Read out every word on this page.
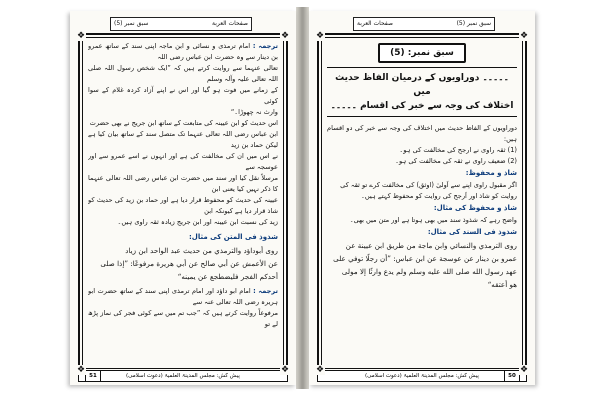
صفحات العربة
سبق نمبر (5)
❖	❖
❖	❖
ترجمہ : امام ترمذی و نسائی و ابن ماجہ اپنی سند کے ساتھ عمرو بن دینار سے وہ حضرت ابن عباس رضی اللہ
تعالی عنہما سے روایت کرتے ہیں کہ ”ایک شخص رسول اللہ صلی اللہ تعالی علیہ وآلہ وسلم
کے زمانے میں فوت ہو گیا اور اس نے اپنے آزاد کردہ غلام کے سوا کوئی
وارث نہ چھوڑا۔“
اس حدیث کو ابن عیینہ کی متابعت کے ساتھ ابن جریج نے بھی حضرت
ابن عباس رضی اللہ تعالی عنہما تک متصل سند کے ساتھ بیان کیا ہے لیکن حماد بن زید
نے اس میں ان کی مخالفت کی ہے اور انہوں نے اسے عمرو سے اور عوسجہ سے
مرسلاً نقل کیا اور سند میں حضرت ابن عباس رضی اللہ تعالی عنہما کا ذکر نہیں کیا یعنی ابن
عیینہ کی حدیث کو محفوظ قرار دیا ہے اور حماد بن زید کی حدیث کو شاذ قرار دیا ہے کیونکہ ابن
زید کی نسبت ابن عیینہ اور ابن جریج زیادہ ثقہ راوی ہیں۔
شذوذ فی المتن کی مثال:
روى أبوداؤد والترمذي من حديث عبد الواحد ابن زياد
عن الأعمش عن أبي صالح عن أبي هريرة مرفوعًا: ”إذا صلى
أحدكم الفجر فليضطجع عن يمينه“
ترجمہ : امام ابو داؤد اور امام ترمذی اپنی سند کے ساتھ حضرت ابو ہریرہ رضی اللہ تعالی عنہ سے
مرفوعاً روایت کرتے ہیں کہ ”جب تم میں سے کوئی فجر کی نماز پڑھ لے تو
پیش کش: مجلس المدینۃ العلمیۃ (دعوت اسلامی)
51
سبق نمبر (5)
صفحات العربة
❖	❖
❖	❖
سبق نمبر: (5)
۔۔۔۔۔ دوراویوں کے درمیان الفاظ حدیث میں
اختلاف کی وجہ سے خبر کی اقسام ۔۔۔۔۔
دوراویوں کے الفاظ حدیث میں اختلاف کی وجہ سے خبر کی دو اقسام ہیں:
(1) ثقہ راوی نے ارجح کی مخالفت کی ہو۔
(2) ضعیف راوی نے ثقہ کی مخالفت کی ہو۔
شاذ و محفوظ:
اگر مقبول راوی اپنے سے اَولیٰ (اوثق) کی مخالفت کرے تو ثقہ کی
روایت کو شاذ اور اَرجح کی روایت کو محفوظ کہتے ہیں۔
شاذ و محفوظ کی مثال:
واضح رہے کہ شذوذ سند میں بھی ہوتا ہے اور متن میں بھی۔
شذوذ فی السند کی مثال:
روى الترمذي والنسائي وابن ماجة من طريق ابن عيينة عن
عمرو بن دينار عن عوسجة عن ابن عباس: ”أن رجلًا توفي على
عهد رسول الله صلى الله عليه وسلم ولم يدع وارثًا إلا مولى
هو أعتقه“
پیش کش: مجلس المدینۃ العلمیۃ (دعوت اسلامی)	50
